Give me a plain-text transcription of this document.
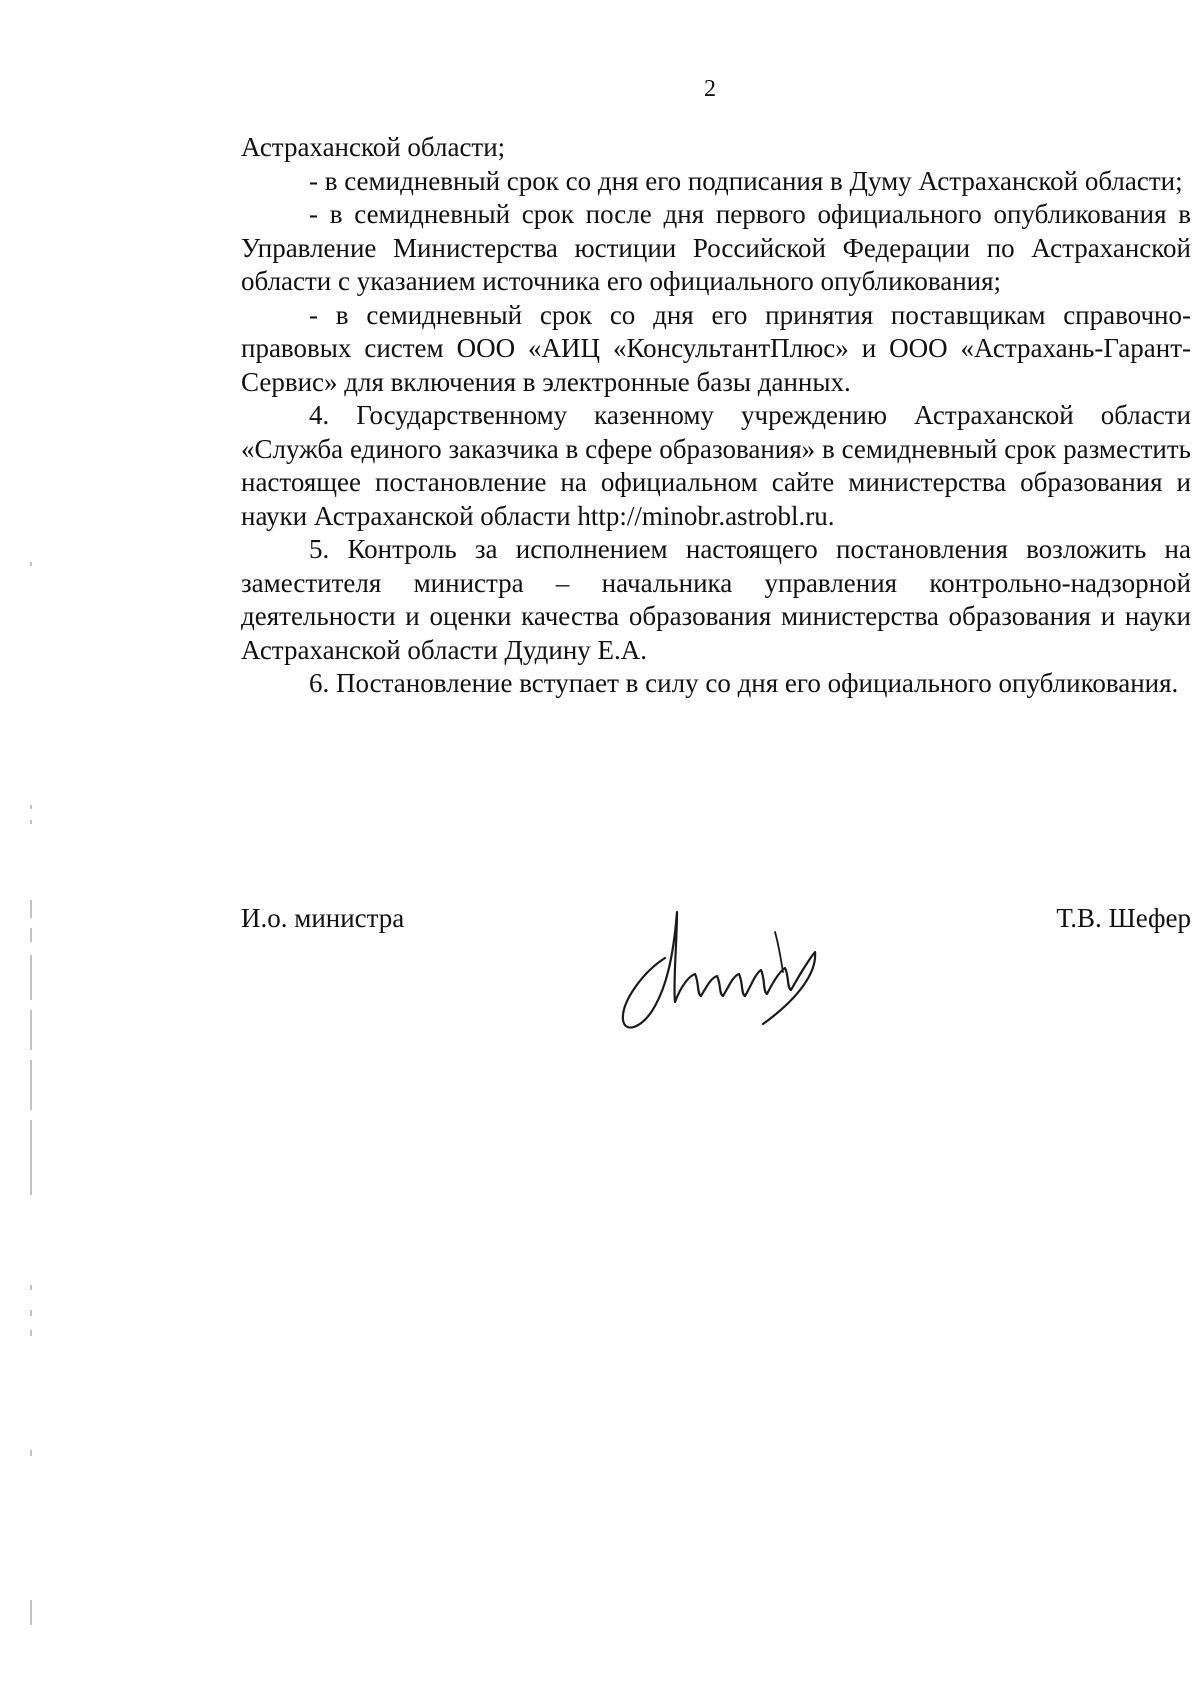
2

Астраханской области;

- в семидневный срок со дня его подписания в Думу Астраханской области;

- в семидневный срок после дня первого официального опубликования в Управление Министерства юстиции Российской Федерации по Астраханской области с указанием источника его официального опубликования;

- в семидневный срок со дня его принятия поставщикам справочно-правовых систем ООО «АИЦ «КонсультантПлюс» и ООО «Астрахань-Гарант-Сервис» для включения в электронные базы данных.

4. Государственному казенному учреждению Астраханской области «Служба единого заказчика в сфере образования» в семидневный срок разместить настоящее постановление на официальном сайте министерства образования и науки Астраханской области http://minobr.astrobl.ru.

5. Контроль за исполнением настоящего постановления возложить на заместителя министра – начальника управления контрольно-надзорной деятельности и оценки качества образования министерства образования и науки Астраханской области Дудину Е.А.

6. Постановление вступает в силу со дня его официального опубликования.

И.о. министра	Т.В. Шефер
